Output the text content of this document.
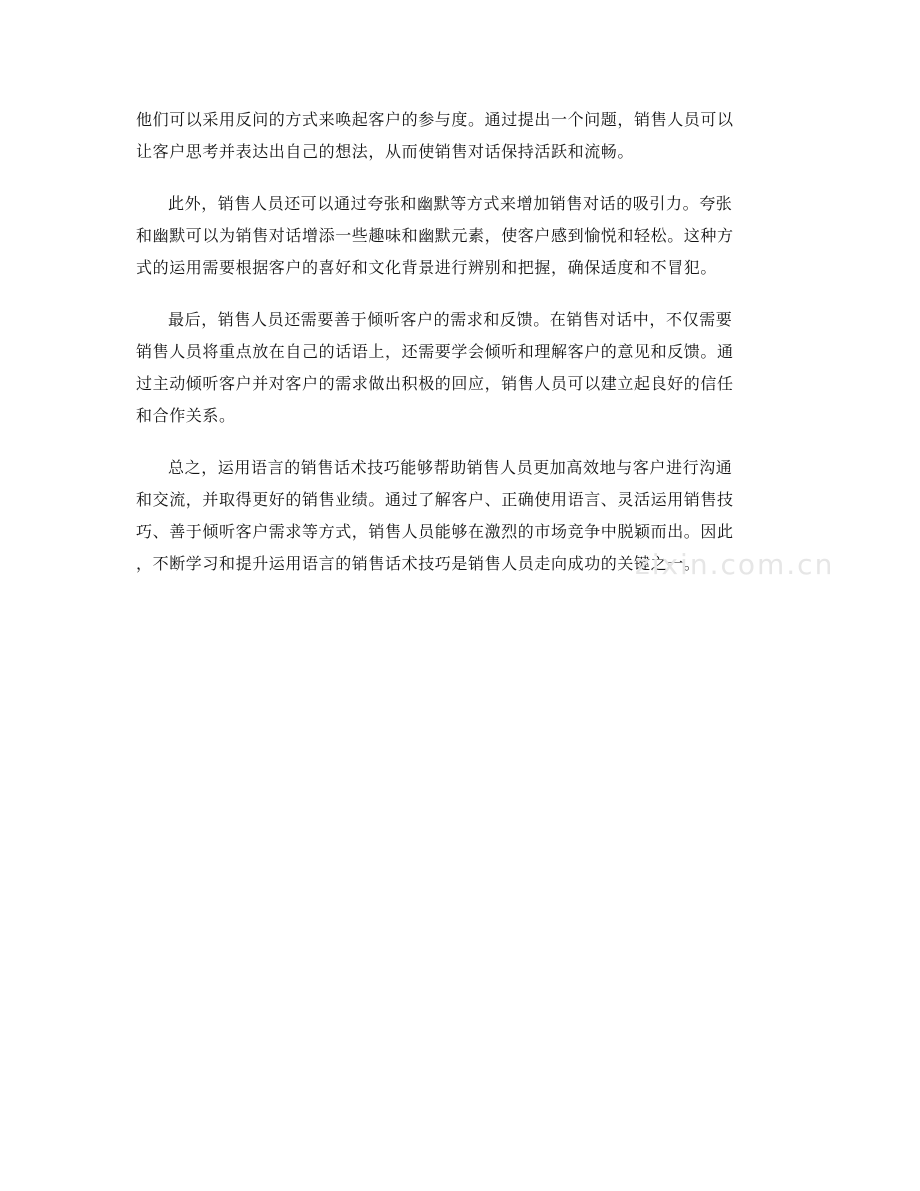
他们可以采用反问的方式来唤起客户的参与度。通过提出一个问题，销售人员可以
让客户思考并表达出自己的想法，从而使销售对话保持活跃和流畅。

此外，销售人员还可以通过夸张和幽默等方式来增加销售对话的吸引力。夸张
和幽默可以为销售对话增添一些趣味和幽默元素，使客户感到愉悦和轻松。这种方
式的运用需要根据客户的喜好和文化背景进行辨别和把握，确保适度和不冒犯。

最后，销售人员还需要善于倾听客户的需求和反馈。在销售对话中，不仅需要
销售人员将重点放在自己的话语上，还需要学会倾听和理解客户的意见和反馈。通
过主动倾听客户并对客户的需求做出积极的回应，销售人员可以建立起良好的信任
和合作关系。

总之，运用语言的销售话术技巧能够帮助销售人员更加高效地与客户进行沟通
和交流，并取得更好的销售业绩。通过了解客户、正确使用语言、灵活运用销售技
巧、善于倾听客户需求等方式，销售人员能够在激烈的市场竞争中脱颖而出。因此
，不断学习和提升运用语言的销售话术技巧是销售人员走向成功的关键之一。

zixin.com.cn
